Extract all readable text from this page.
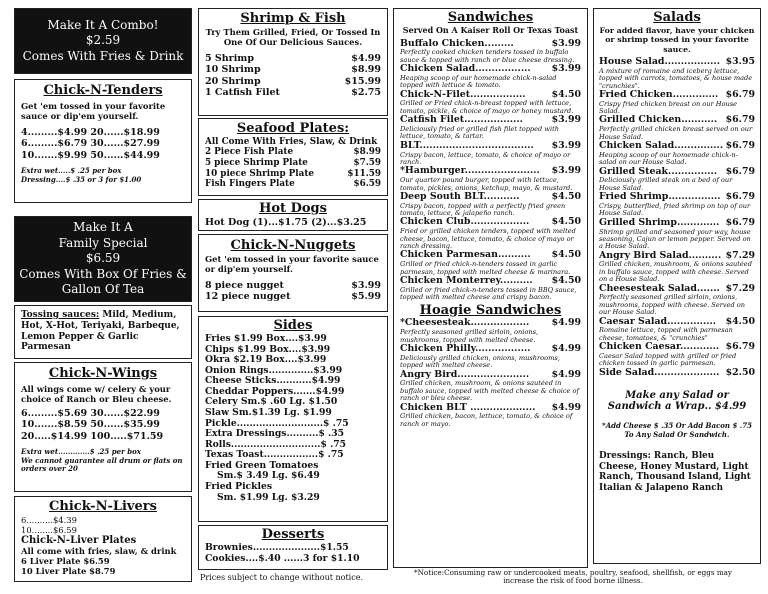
Make It A Combo!
$2.59
Comes With Fries & Drink
Chick-N-Tenders
Get 'em tossed in your favorite sauce or dip'em yourself.
4.........$4.99 20......$18.99
6.........$6.79 30......$27.99
10.......$9.99 50......$44.99
Extra wet.....$ .25 per box
Dressing....$ .35 or 3 for $1.00
Make It A
Family Special
$6.59
Comes With Box Of Fries &
Gallon Of Tea
Tossing sauces: Mild, Medium, Hot, X-Hot, Teriyaki, Barbeque, Lemon Pepper & Garlic Parmesan
Chick-N-Wings
All wings come w/ celery & your choice of Ranch or Bleu cheese.
6.........$5.69 30......$22.99
10.......$8.59 50......$35.99
20.....$14.99 100.....$71.59
Extra wet.............$ .25 per box
We cannot guarantee all drum or flats on orders over 20
Chick-N-Livers
6..........$4.39
10........$6.59
Chick-N-Liver Plates
All come with fries, slaw, & drink
6 Liver Plate $6.59
10 Liver Plate $8.79
Shrimp & Fish
Try Them Grilled, Fried, Or Tossed In One Of Our Delicious Sauces.
5 Shrimp	$4.99
10 Shrimp	$8.99
20 Shrimp	$15.99
1 Catfish Filet	$2.75
Seafood Plates:
All Come With Fries, Slaw, & Drink
2 Piece Fish Plate	$8.99
5 piece Shrimp Plate	$7.59
10 piece Shrimp Plate	$11.59
Fish Fingers Plate	$6.59
Hot Dogs
Hot Dog (1)...$1.75 (2)...$3.25
Chick-N-Nuggets
Get 'em tossed in your favorite sauce or dip'em yourself.
8 piece nugget	$3.99
12 piece nugget	$5.99
Sides
Fries $1.99 Box....$3.99
Chips $1.99 Box....$3.99
Okra $2.19 Box....$3.99
Onion Rings..............$3.99
Cheese Sticks...........$4.99
Cheddar Poppers.......$4.99
Celery Sm.$ .60 Lg. $1.50
Slaw Sm.$1.39 Lg. $1.99
Pickle...........................$ .75
Extra Dressings..........$ .35
Rolls............................$ .75
Texas Toast.................$ .75
Fried Green Tomatoes
Sm.$ 3.49 Lg. $6.49
Fried Pickles
Sm. $1.99 Lg. $3.29
Desserts
Brownies.....................$1.55
Cookies....$.40 ......3 for $1.10
Prices subject to change without notice.
Sandwiches
Served On A Kaiser Roll Or Texas Toast
Buffalo Chicken.........	$3.99
Perfectly cooked chicken tenders tossed in buffalo sauce & topped with ranch or blue cheese dressing.
Chicken Salad................. $3.99
Heaping scoop of our homemade chick-n-salad topped with lettuce & tomato.
Chick-N-Filet.................	$4.50
Grilled or Fried chick-n-breast topped with lettuce, tomato, pickle, & choice of mayo or honey mustard.
Catfish Filet..................	$3.99
Deliciously fried or grilled fish filet topped with lettuce, tomato, & tartar.
BLT................................... $3.99
Crispy bacon, lettuce, tomato, & choice of mayo or ranch.
*Hamburger....................... $3.99
Our quarter pound burger, topped with lettuce, tomato, pickles, onions, ketchup, mayo, & mustard.
Deep South BLT...........	$4.50
Crispy bacon, topped with a perfectly fried green tomato, lettuce, & jalapeño ranch.
Chicken Club.................. $4.50
Fried or grilled chicken tenders, topped with melted cheese, bacon, lettuce, tomato, & choice of mayo or ranch dressing.
Chicken Parmesan.......... $4.50
Grilled or fried chick-n-tenders tossed in garlic parmesan, topped with melted cheese & marinara.
Chicken Monterrey.......... $4.50
Grilled or fried chick-n-tenders tossed in BBQ sauce, topped with melted cheese and crispy bacon.
Hoagie Sandwiches
*Cheesesteak.................. $4.99
Perfectly seasoned grilled sirloin, onions, mushrooms, topped with melted cheese.
Chicken Philly................. $4.99
Deliciously grilled chicken, onions, mushrooms, topped with melted cheese.
Angry Bird...................... $4.99
Grilled chicken, mushroom, & onions sautéed in buffalo sauce, topped with melted cheese & choice of ranch or bleu cheese.
Chicken BLT .................... $4.99
Grilled chicken, bacon, lettuce, tomato, & choice of ranch or mayo.
*Notice:Consuming raw or undercooked meats, poultry, seafood, shellfish, or eggs may increase the risk of food borne illness.
Salads
For added flavor, have your chicken or shrimp tossed in your favorite sauce.
House Salad................. $3.95
A mixture of romaine and iceberg lettuce, topped with carrots, tomatoes, & house made "crunchies".
Fried Chicken.............. $6.79
Crispy fried chicken breast on our House Salad.
Grilled Chicken........... $6.79
Perfectly grilled chicken breast served on our House Salad.
Chicken Salad............... $6.79
Heaping scoop of our homemade chick-n-salad on our House Salad.
Grilled Steak............... $6.79
Deliciously grilled steak on a bed of our House Salad.
Fried Shrimp................ $6.79
Crispy, butterflied, fried shrimp on top of our House Salad.
Grilled Shrimp............. $6.79
Shrimp grilled and seasoned your way, house seasoning, Cajun or lemon pepper. Served on a House Salad.
Angry Bird Salad.......... $7.29
Grilled chicken, mushroom, & onions sautéed in buffalo sauce, topped with cheese. Served on a House Salad.
Cheesesteak Salad....... $7.29
Perfectly seasoned grilled sirloin, onions, mushrooms, topped with cheese. Served on our House Salad.
Caesar Salad............... $4.50
Romaine lettuce, topped with parmesan cheese, tomatoes, & "crunchies"
Chicken Caesar............ $6.79
Caesar Salad topped with grilled or fried chicken tossed in garlic parmesan.
Side Salad.................... $2.50
Make any Salad or
Sandwich a Wrap.. $4.99
*Add Cheese $ .35 Or Add Bacon $ .75 To Any Salad Or Sandwich.
Dressings: Ranch, Bleu Cheese, Honey Mustard, Light Ranch, Thousand Island, Light Italian & Jalapeno Ranch
